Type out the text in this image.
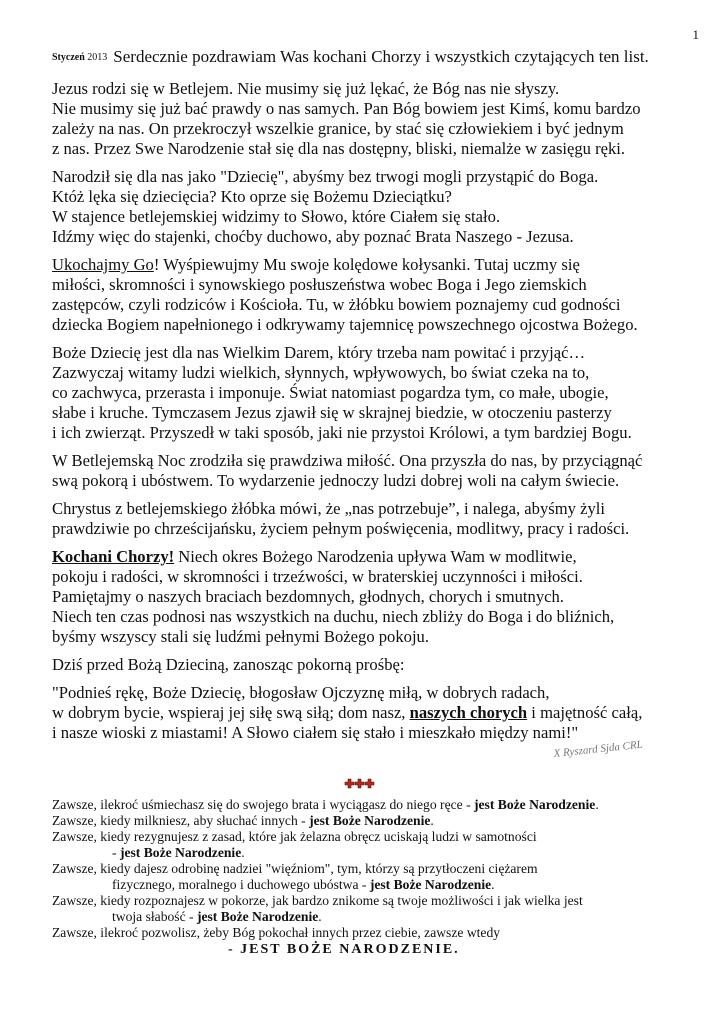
1
Styczeń 2013 Serdecznie pozdrawiam Was kochani Chorzy i wszystkich czytających ten list.

Jezus rodzi się w Betlejem. Nie musimy się już lękać, że Bóg nas nie słyszy.
Nie musimy się już bać prawdy o nas samych. Pan Bóg bowiem jest Kimś, komu bardzo
zależy na nas. On przekroczył wszelkie granice, by stać się człowiekiem i być jednym
z nas. Przez Swe Narodzenie stał się dla nas dostępny, bliski, niemalże w zasięgu ręki.

Narodził się dla nas jako "Dziecię", abyśmy bez trwogi mogli przystąpić do Boga.
Któż lęka się dziecięcia? Kto oprze się Bożemu Dzieciątku?
W stajence betlejemskiej widzimy to Słowo, które Ciałem się stało.
Idźmy więc do stajenki, choćby duchowo, aby poznać Brata Naszego - Jezusa.

Ukochajmy Go! Wyśpiewujmy Mu swoje kolędowe kołysanki. Tutaj uczmy się
miłości, skromności i synowskiego posłuszeństwa wobec Boga i Jego ziemskich
zastępców, czyli rodziców i Kościoła. Tu, w żłóbku bowiem poznajemy cud godności
dziecka Bogiem napełnionego i odkrywamy tajemnicę powszechnego ojcostwa Bożego.

Boże Dziecię jest dla nas Wielkim Darem, który trzeba nam powitać i przyjąć…
Zazwyczaj witamy ludzi wielkich, słynnych, wpływowych, bo świat czeka na to,
co zachwyca, przerasta i imponuje. Świat natomiast pogardza tym, co małe, ubogie,
słabe i kruche. Tymczasem Jezus zjawił się w skrajnej biedzie, w otoczeniu pasterzy
i ich zwierząt. Przyszedł w taki sposób, jaki nie przystoi Królowi, a tym bardziej Bogu.

W Betlejemską Noc zrodziła się prawdziwa miłość. Ona przyszła do nas, by przyciągnąć
swą pokorą i ubóstwem. To wydarzenie jednoczy ludzi dobrej woli na całym świecie.

Chrystus z betlejemskiego żłóbka mówi, że „nas potrzebuje”, i nalega, abyśmy żyli
prawdziwie po chrześcijańsku, życiem pełnym poświęcenia, modlitwy, pracy i radości.

Kochani Chorzy! Niech okres Bożego Narodzenia upływa Wam w modlitwie,
pokoju i radości, w skromności i trzeźwości, w braterskiej uczynności i miłości.
Pamiętajmy o naszych braciach bezdomnych, głodnych, chorych i smutnych.
Niech ten czas podnosi nas wszystkich na duchu, niech zbliży do Boga i do bliźnich,
byśmy wszyscy stali się ludźmi pełnymi Bożego pokoju.

Dziś przed Bożą Dzieciną, zanosząc pokorną prośbę:

"Podnieś rękę, Boże Dziecię, błogosław Ojczyznę miłą, w dobrych radach,
w dobrym bycie, wspieraj jej siłę swą siłą; dom nasz, naszych chorych i majętność całą,
i nasze wioski z miastami! A Słowo ciałem się stało i mieszkało między nami!"

X Ryszard Sjda CRL
Zawsze, ilekroć uśmiechasz się do swojego brata i wyciągasz do niego ręce - jest Boże Narodzenie.
Zawsze, kiedy milkniesz, aby słuchać innych - jest Boże Narodzenie.
Zawsze, kiedy rezygnujesz z zasad, które jak żelazna obręcz uciskają ludzi w samotności
- jest Boże Narodzenie.
Zawsze, kiedy dajesz odrobinę nadziei "więźniom", tym, którzy są przytłoczeni ciężarem
fizycznego, moralnego i duchowego ubóstwa - jest Boże Narodzenie.
Zawsze, kiedy rozpoznajesz w pokorze, jak bardzo znikome są twoje możliwości i jak wielka jest
twoja słabość - jest Boże Narodzenie.
Zawsze, ilekroć pozwolisz, żeby Bóg pokochał innych przez ciebie, zawsze wtedy
- JEST BOŻE NARODZENIE.
